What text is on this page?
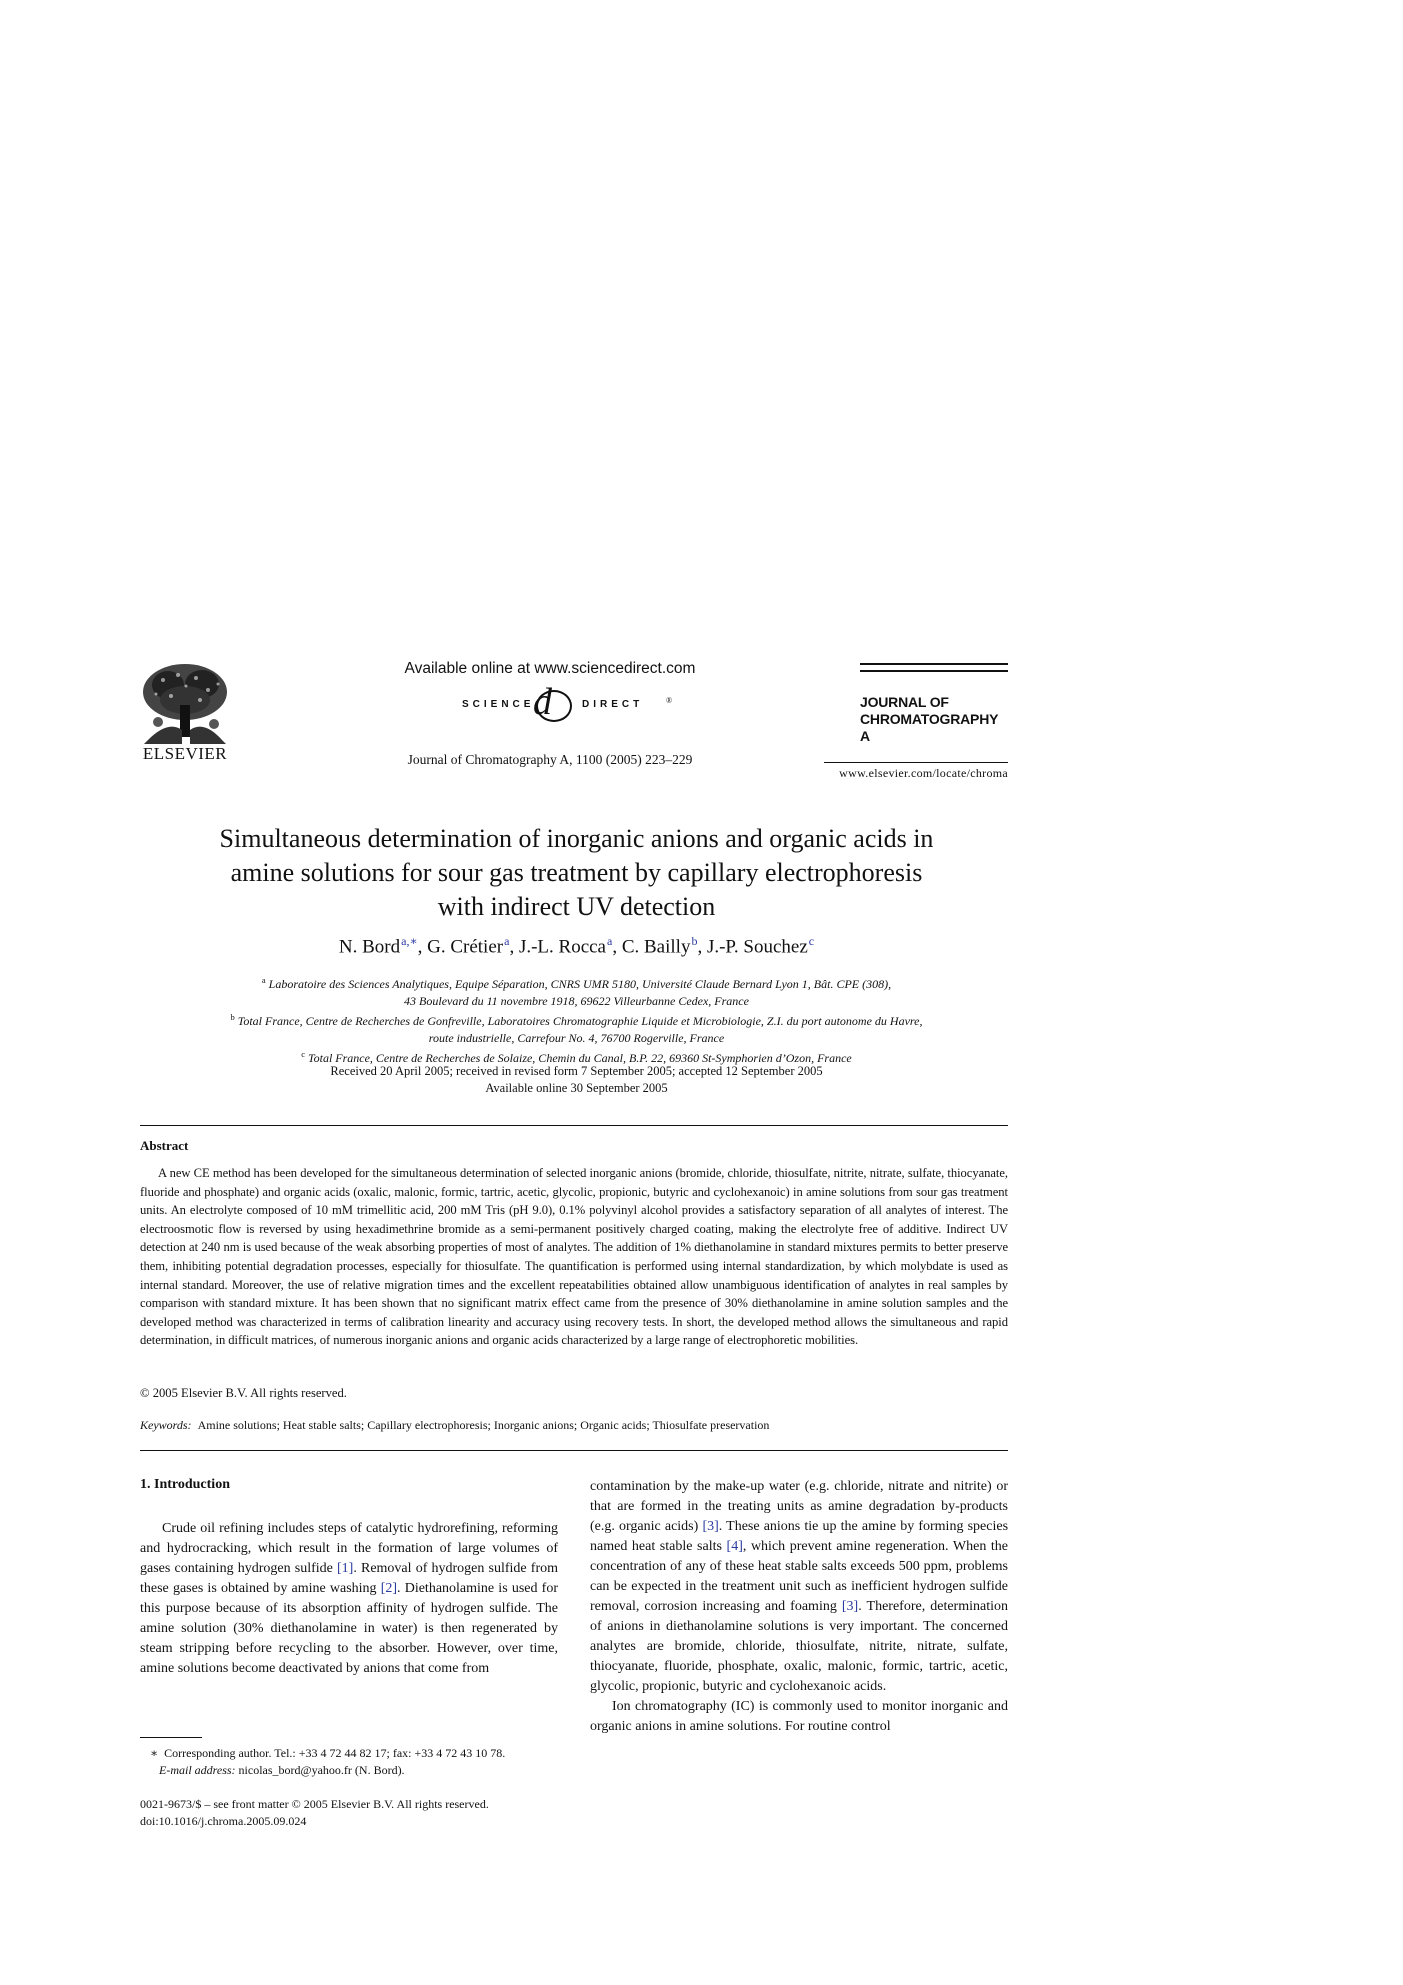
ELSEVIER
Available online at www.sciencedirect.com
SCIENCE
d	DIRECT	®
Journal of Chromatography A, 1100 (2005) 223–229
JOURNAL OF
CHROMATOGRAPHY A
www.elsevier.com/locate/chroma
Simultaneous determination of inorganic anions and organic acids in
amine solutions for sour gas treatment by capillary electrophoresis
with indirect UV detection
N. Bord$^{a,∗}$, G. Crétier$^a$, J.-L. Rocca$^a$, C. Bailly$^b$, J.-P. Souchez$^c$
$^a$ Laboratoire des Sciences Analytiques, Equipe Séparation, CNRS UMR 5180, Université Claude Bernard Lyon 1, Bât. CPE (308),
43 Boulevard du 11 novembre 1918, 69622 Villeurbanne Cedex, France
$^b$ Total France, Centre de Recherches de Gonfreville, Laboratoires Chromatographie Liquide et Microbiologie, Z.I. du port autonome du Havre,
route industrielle, Carrefour No. 4, 76700 Rogerville, France
$^c$ Total France, Centre de Recherches de Solaize, Chemin du Canal, B.P. 22, 69360 St-Symphorien d’Ozon, France
Received 20 April 2005; received in revised form 7 September 2005; accepted 12 September 2005
Available online 30 September 2005
Abstract
A new CE method has been developed for the simultaneous determination of selected inorganic anions (bromide, chloride, thiosulfate, nitrite, nitrate, sulfate, thiocyanate, fluoride and phosphate) and organic acids (oxalic, malonic, formic, tartric, acetic, glycolic, propionic, butyric and cyclohexanoic) in amine solutions from sour gas treatment units. An electrolyte composed of 10 mM trimellitic acid, 200 mM Tris (pH 9.0), 0.1% polyvinyl alcohol provides a satisfactory separation of all analytes of interest. The electroosmotic flow is reversed by using hexadimethrine bromide as a semi-permanent positively charged coating, making the electrolyte free of additive. Indirect UV detection at 240 nm is used because of the weak absorbing properties of most of analytes. The addition of 1% diethanolamine in standard mixtures permits to better preserve them, inhibiting potential degradation processes, especially for thiosulfate. The quantification is performed using internal standardization, by which molybdate is used as internal standard. Moreover, the use of relative migration times and the excellent repeatabilities obtained allow unambiguous identification of analytes in real samples by comparison with standard mixture. It has been shown that no significant matrix effect came from the presence of 30% diethanolamine in amine solution samples and the developed method was characterized in terms of calibration linearity and accuracy using recovery tests. In short, the developed method allows the simultaneous and rapid determination, in difficult matrices, of numerous inorganic anions and organic acids characterized by a large range of electrophoretic mobilities.
© 2005 Elsevier B.V. All rights reserved.
Keywords: Amine solutions; Heat stable salts; Capillary electrophoresis; Inorganic anions; Organic acids; Thiosulfate preservation
1. Introduction

Crude oil refining includes steps of catalytic hydrorefining, reforming and hydrocracking, which result in the formation of large volumes of gases containing hydrogen sulfide [1]. Removal of hydrogen sulfide from these gases is obtained by amine washing [2]. Diethanolamine is used for this purpose because of its absorption affinity of hydrogen sulfide. The amine solution (30% diethanolamine in water) is then regenerated by steam stripping before recycling to the absorber. However, over time, amine solutions become deactivated by anions that come from

contamination by the make-up water (e.g. chloride, nitrate and nitrite) or that are formed in the treating units as amine degradation by-products (e.g. organic acids) [3]. These anions tie up the amine by forming species named heat stable salts [4], which prevent amine regeneration. When the concentration of any of these heat stable salts exceeds 500 ppm, problems can be expected in the treatment unit such as inefficient hydrogen sulfide removal, corrosion increasing and foaming [3]. Therefore, determination of anions in diethanolamine solutions is very important. The concerned analytes are bromide, chloride, thiosulfate, nitrite, nitrate, sulfate, thiocyanate, fluoride, phosphate, oxalic, malonic, formic, tartric, acetic, glycolic, propionic, butyric and cyclohexanoic acids.

Ion chromatography (IC) is commonly used to monitor inorganic and organic anions in amine solutions. For routine control

∗ Corresponding author. Tel.: +33 4 72 44 82 17; fax: +33 4 72 43 10 78.
E-mail address: nicolas_bord@yahoo.fr (N. Bord).
0021-9673/$ – see front matter © 2005 Elsevier B.V. All rights reserved.
doi:10.1016/j.chroma.2005.09.024
